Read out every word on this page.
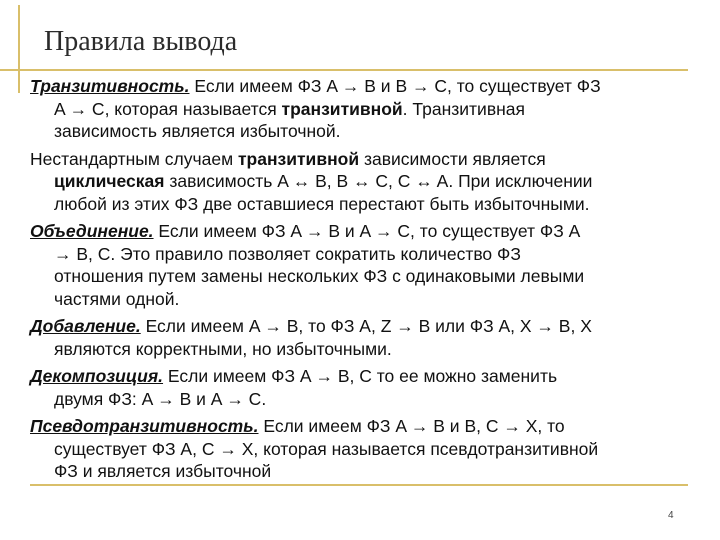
Правила вывода
Транзитивность. Если имеем ФЗ A → B и B → C, то существует ФЗ
A → C, которая называется транзитивной. Транзитивная
зависимость является избыточной.
Нестандартным случаем транзитивной зависимости является
циклическая зависимость A ↔ B, B ↔ C, C ↔ A. При исключении
любой из этих ФЗ две оставшиеся перестают быть избыточными.
Объединение. Если имеем ФЗ A → B и A → C, то существует ФЗ A
→ B, C. Это правило позволяет сократить количество ФЗ
отношения путем замены нескольких ФЗ с одинаковыми левыми
частями одной.
Добавление. Если имеем A → B, то ФЗ A, Z → B или ФЗ A, X → B, X
являются корректными, но избыточными.
Декомпозиция. Если имеем ФЗ A → B, C то ее можно заменить
двумя ФЗ: A → B и A → C.
Псевдотранзитивность. Если имеем ФЗ A → B и B, C → X, то
существует ФЗ A, C → X, которая называется псевдотранзитивной
ФЗ и является избыточной
4
